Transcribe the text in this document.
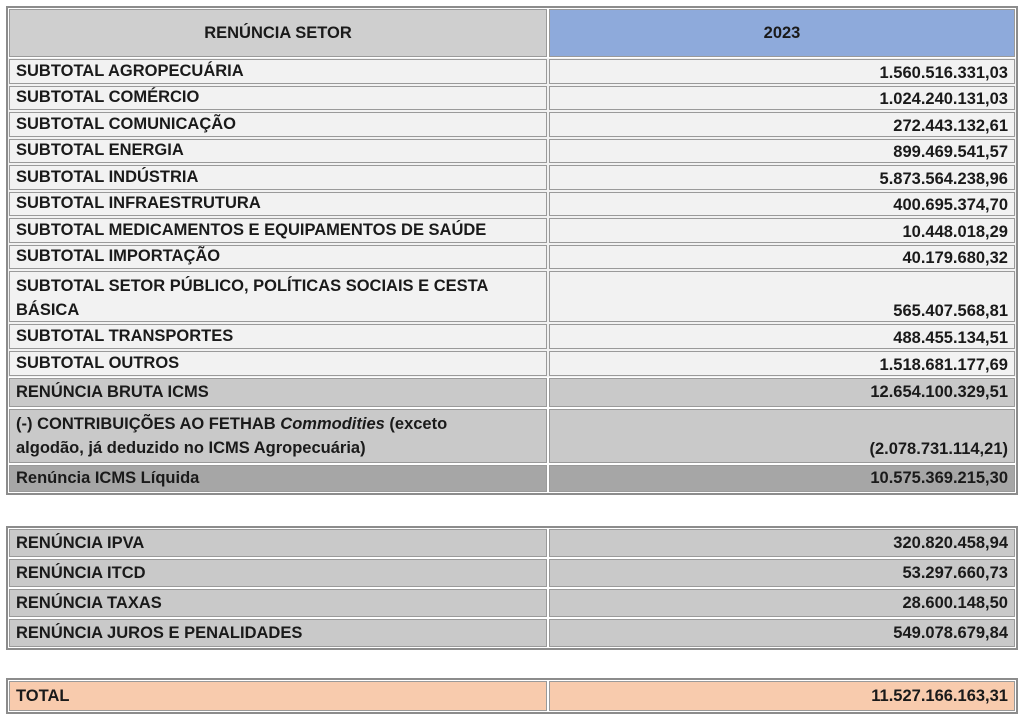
RENÚNCIA SETOR	2023
SUBTOTAL AGROPECUÁRIA	1.560.516.331,03
SUBTOTAL COMÉRCIO	1.024.240.131,03
SUBTOTAL COMUNICAÇÃO	272.443.132,61
SUBTOTAL ENERGIA	899.469.541,57
SUBTOTAL INDÚSTRIA	5.873.564.238,96
SUBTOTAL INFRAESTRUTURA	400.695.374,70
SUBTOTAL MEDICAMENTOS E EQUIPAMENTOS DE SAÚDE	10.448.018,29
SUBTOTAL IMPORTAÇÃO	40.179.680,32
SUBTOTAL SETOR PÚBLICO, POLÍTICAS SOCIAIS E CESTA
BÁSICA	565.407.568,81
SUBTOTAL TRANSPORTES	488.455.134,51
SUBTOTAL OUTROS	1.518.681.177,69
RENÚNCIA BRUTA ICMS	12.654.100.329,51
(-) CONTRIBUIÇÕES AO FETHAB Commodities (exceto
algodão, já deduzido no ICMS Agropecuária)	(2.078.731.114,21)
Renúncia ICMS Líquida	10.575.369.215,30
RENÚNCIA IPVA	320.820.458,94
RENÚNCIA ITCD	53.297.660,73
RENÚNCIA TAXAS	28.600.148,50
RENÚNCIA JUROS E PENALIDADES	549.078.679,84
TOTAL	11.527.166.163,31
